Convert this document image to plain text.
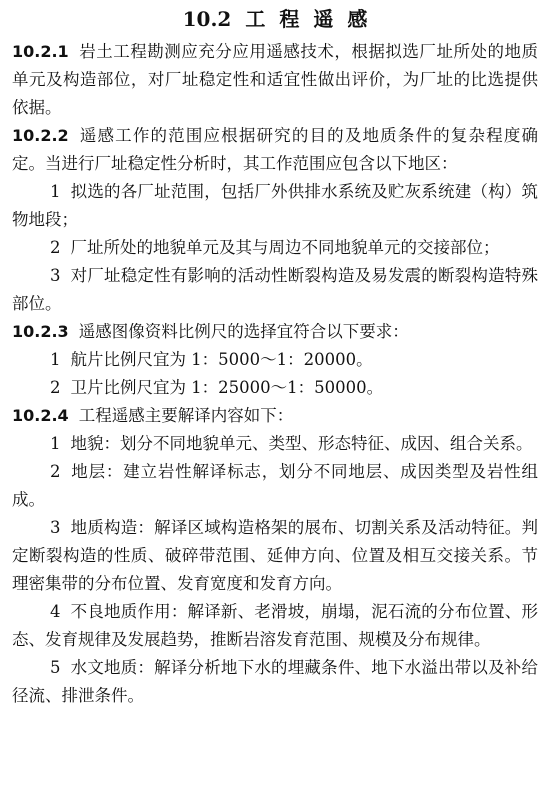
10.2 工 程 遥 感

10.2.1 岩土工程勘测应充分应用遥感技术，根据拟选厂址所处的地质单元及构造部位，对厂址稳定性和适宜性做出评价，为厂址的比选提供依据。

10.2.2 遥感工作的范围应根据研究的目的及地质条件的复杂程度确定。当进行厂址稳定性分析时，其工作范围应包含以下地区：

1 拟选的各厂址范围，包括厂外供排水系统及贮灰系统建（构）筑物地段；

2 厂址所处的地貌单元及其与周边不同地貌单元的交接部位；

3 对厂址稳定性有影响的活动性断裂构造及易发震的断裂构造特殊部位。

10.2.3 遥感图像资料比例尺的选择宜符合以下要求：

1 航片比例尺宜为 1：5000～1：20000。

2 卫片比例尺宜为 1：25000～1：50000。

10.2.4 工程遥感主要解译内容如下：

1 地貌：划分不同地貌单元、类型、形态特征、成因、组合关系。

2 地层：建立岩性解译标志，划分不同地层、成因类型及岩性组成。

3 地质构造：解译区域构造格架的展布、切割关系及活动特征。判定断裂构造的性质、破碎带范围、延伸方向、位置及相互交接关系。节理密集带的分布位置、发育宽度和发育方向。

4 不良地质作用：解译新、老滑坡，崩塌，泥石流的分布位置、形态、发育规律及发展趋势，推断岩溶发育范围、规模及分布规律。

5 水文地质：解译分析地下水的埋藏条件、地下水溢出带以及补给径流、排泄条件。
